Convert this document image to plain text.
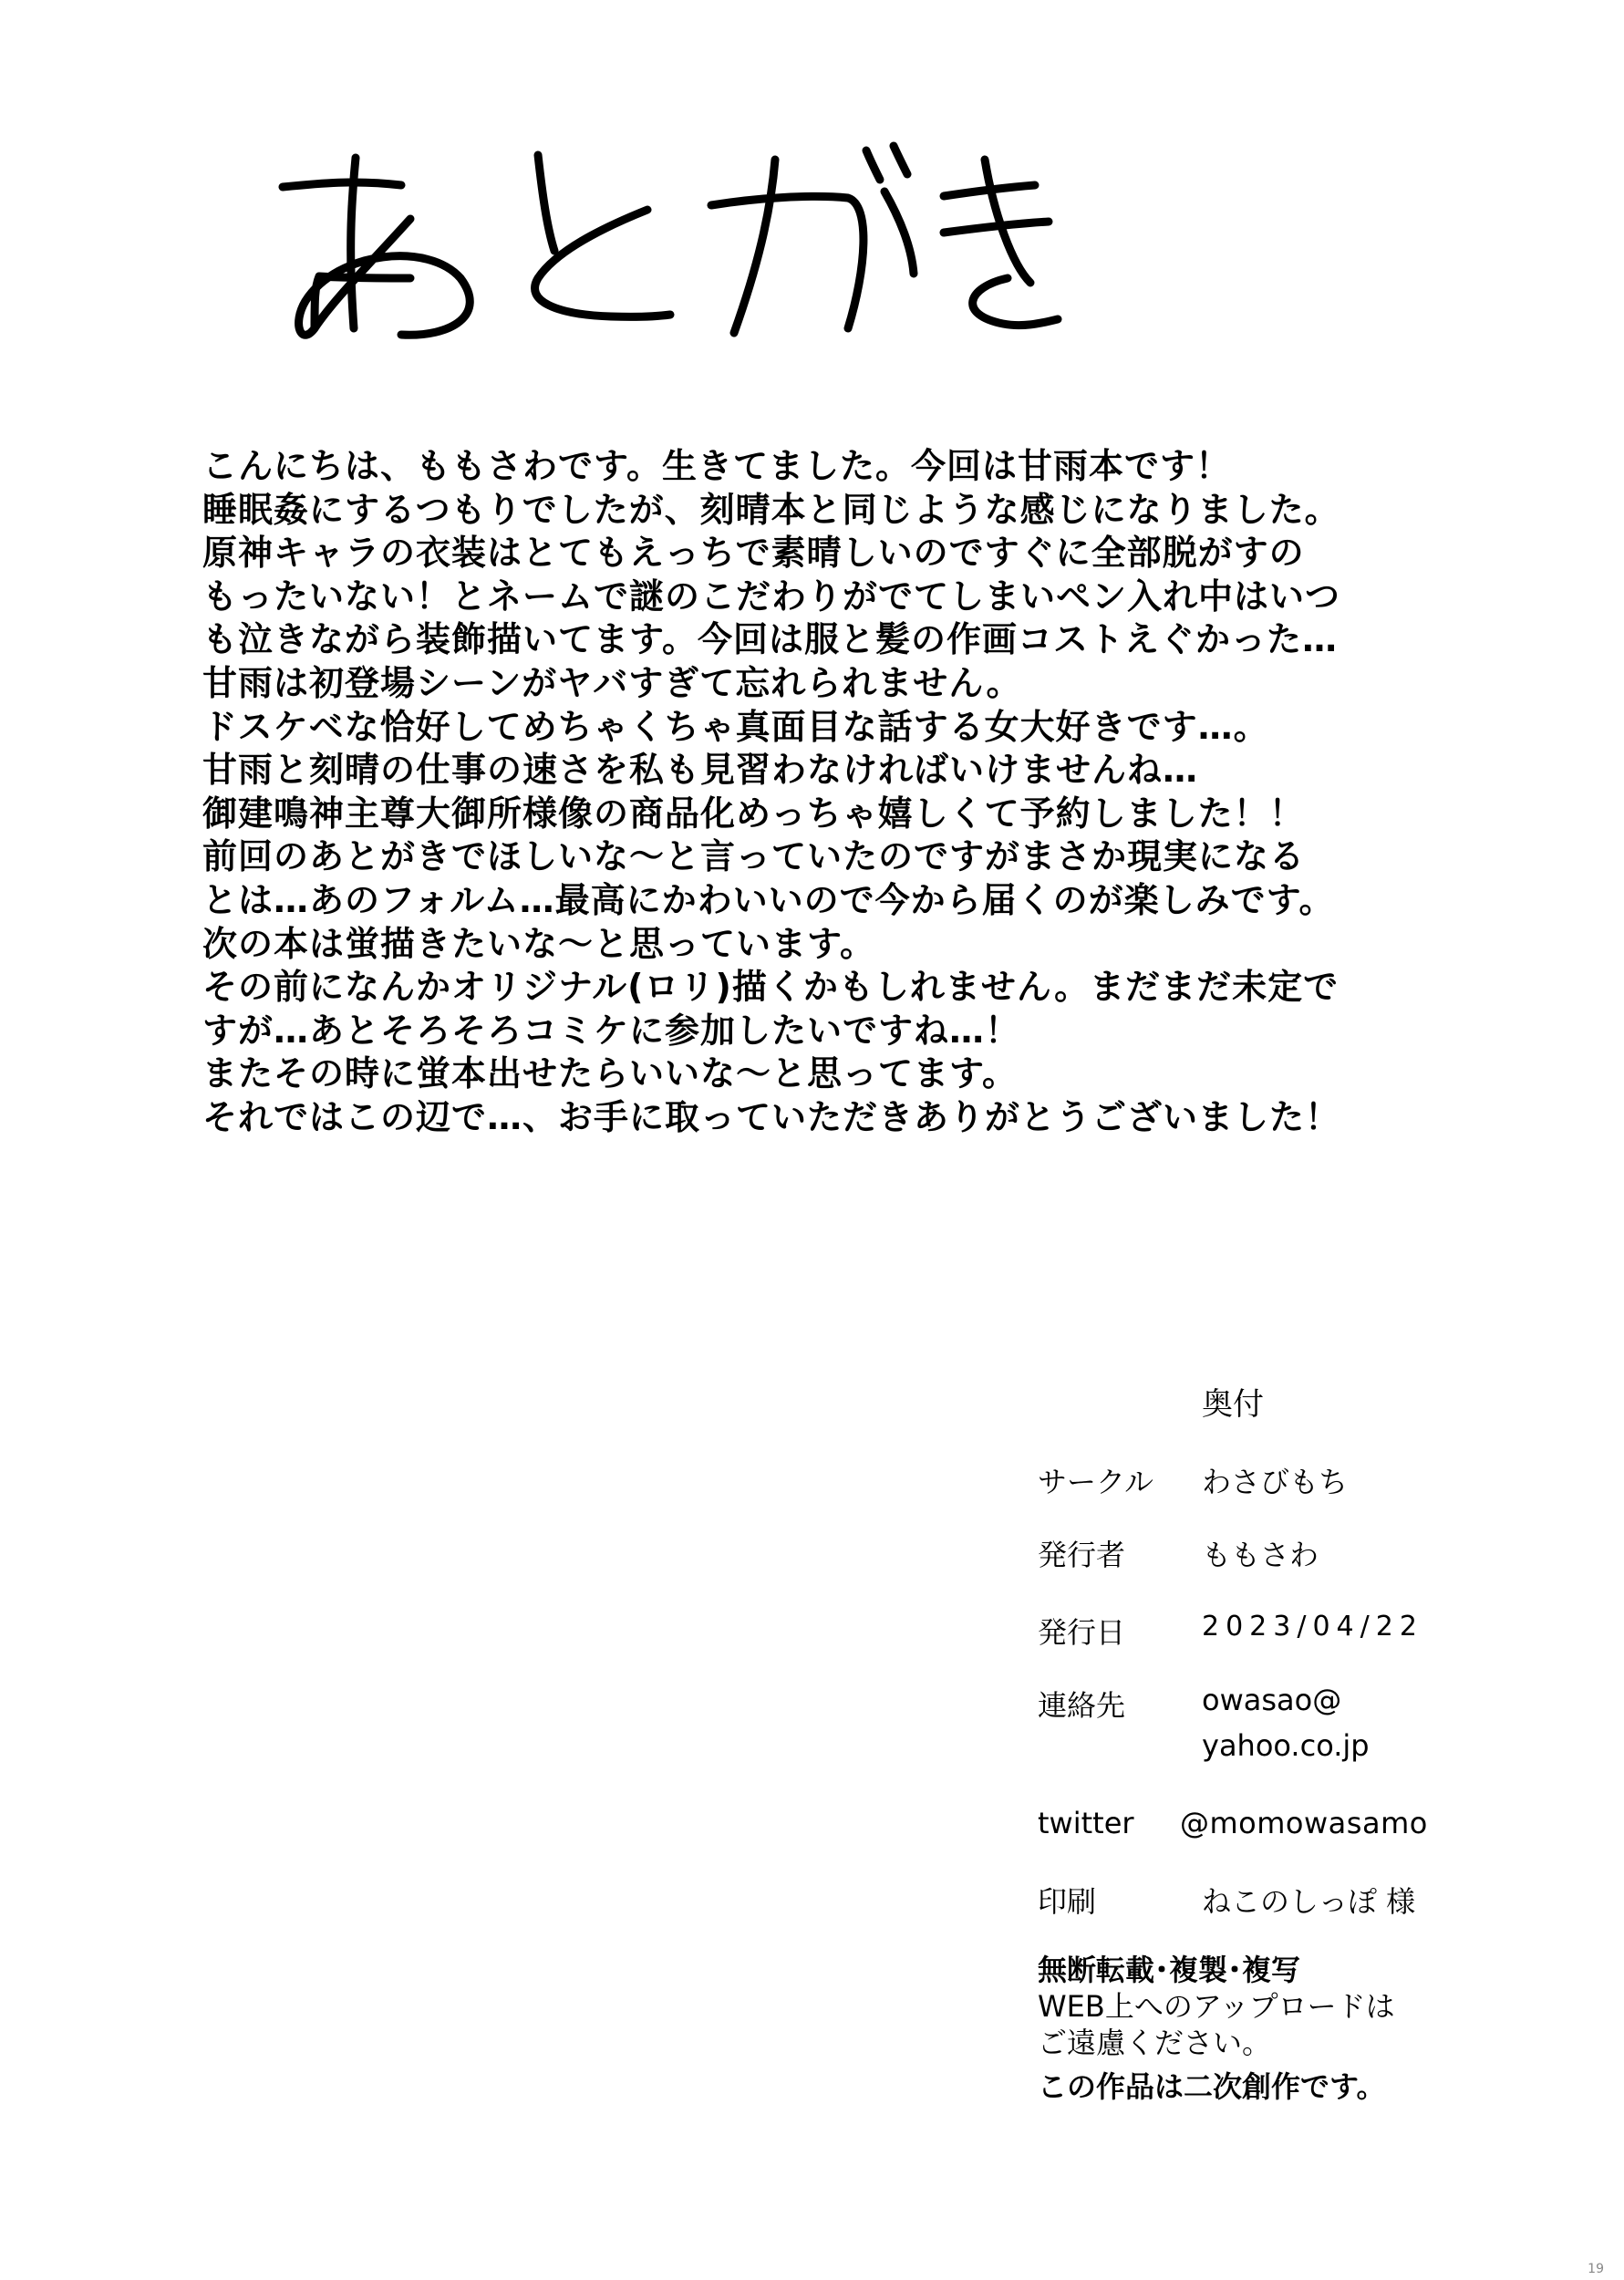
こんにちは、ももさわです。生きてました。今回は甘雨本です！
睡眠姦にするつもりでしたが、刻晴本と同じような感じになりました。
原神キャラの衣装はとてもえっちで素晴しいのですぐに全部脱がすの
もったいない！とネームで謎のこだわりがでてしまいペン入れ中はいつ
も泣きながら装飾描いてます。今回は服と髪の作画コストえぐかった…
甘雨は初登場シーンがヤバすぎて忘れられません。
ドスケベな恰好してめちゃくちゃ真面目な話する女大好きです…。
甘雨と刻晴の仕事の速さを私も見習わなければいけませんね…
御建鳴神主尊大御所様像の商品化めっちゃ嬉しくて予約しました！！
前回のあとがきでほしいな〜と言っていたのですがまさか現実になる
とは…あのフォルム…最高にかわいいので今から届くのが楽しみです。
次の本は蛍描きたいな〜と思っています。
その前になんかオリジナル(ロリ)描くかもしれません。まだまだ未定で
すが…あとそろそろコミケに参加したいですね…！
またその時に蛍本出せたらいいな〜と思ってます。
それではこの辺で…、お手に取っていただきありがとうございました！
奥付
サークル わさびもち
発行者	ももさわ
発行日	2023/04/22
連絡先	owasao@
yahoo.co.jp
twitter @momowasamo
印刷	ねこのしっぽ 様
無断転載･複製･複写
WEB上へのアップロードは
ご遠慮ください。
この作品は二次創作です。
19
